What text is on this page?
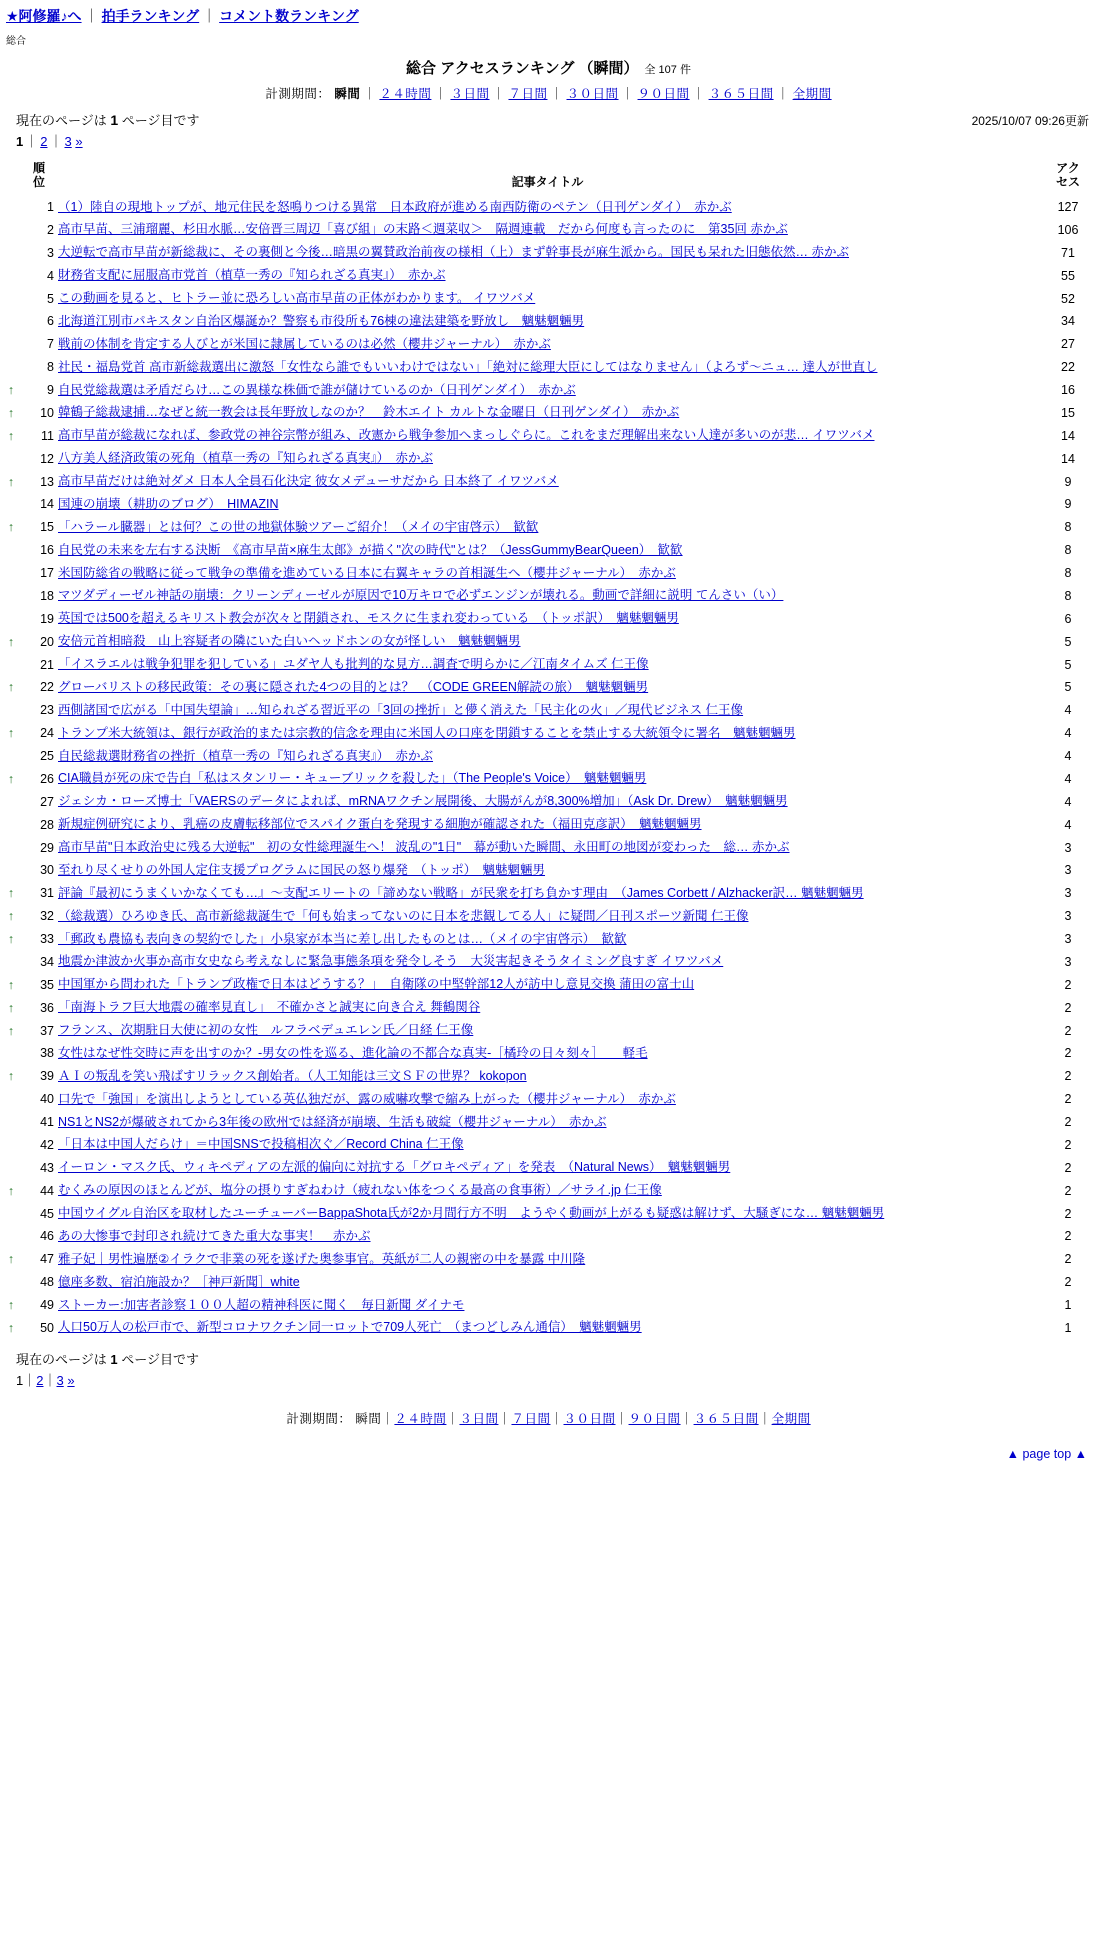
★阿修羅♪へ ｜ 拍手ランキング ｜ コメント数ランキング
総合
総合 アクセスランキング （瞬間） 全 107 件
計測期間： 瞬間 ｜ ２４時間 ｜ ３日間 ｜ ７日間 ｜ ３０日間 ｜ ９０日間 ｜ ３６５日間 ｜ 全期間
現在のページは 1 ページ目です	2025/10/07 09:26更新
1 ｜ 2 ｜ 3 »
	順
位	記事タイトル	アク
セス
	1	（1）陸自の現地トップが、地元住民を怒鳴りつける異常　日本政府が進める南西防衛のペテン（日刊ゲンダイ）　赤かぶ	127
	2	高市早苗、三浦瑠麗、杉田水脈…安倍晋三周辺「喜び組」の末路＜週菜収＞　隔週連載　だから何度も言ったのに　第35回 赤かぶ	106
	3	大逆転で高市早苗が新総裁に、その裏側と今後…暗黒の翼賛政治前夜の様相（上）まず幹事長が麻生派から。国民も呆れた旧態依然… 赤かぶ	71
	4	財務省支配に屈服高市党首（植草一秀の『知られざる真実』）　赤かぶ	55
	5	この動画を見ると、ヒトラー並に恐ろしい高市早苗の正体がわかります。 イワツバメ	52
	6	北海道江別市パキスタン自治区爆誕か？警察も市役所も76棟の違法建築を野放し　魑魅魍魎男	34
	7	戦前の体制を肯定する人びとが米国に隷属しているのは必然（櫻井ジャーナル）　赤かぶ	27
	8	社民・福島党首 高市新総裁選出に激怒「女性なら誰でもいいわけではない」「絶対に総理大臣にしてはなりません」（よろず～ニュ… 達人が世直し	22
↑	9	自民党総裁選は矛盾だらけ…この異様な株価で誰が儲けているのか（日刊ゲンダイ）　赤かぶ	16
↑	10	韓鶴子総裁逮捕…なぜと統一教会は長年野放しなのか？　鈴木エイト カルトな金曜日（日刊ゲンダイ）　赤かぶ	15
↑	11	高市早苗が総裁になれば、参政党の神谷宗幣が組み、改憲から戦争参加へまっしぐらに。これをまだ理解出来ない人達が多いのが悲… イワツバメ	14
	12	八方美人経済政策の死角（植草一秀の『知られざる真実』）　赤かぶ	14
↑	13	高市早苗だけは絶対ダメ 日本人全員石化決定 彼女メデューサだから 日本終了 イワツバメ	9
	14	国連の崩壊（耕助のブログ）　HIMAZIN	9
↑	15	「ハラール臓器」とは何？この世の地獄体験ツアーご紹介！（メイの宇宙啓示）　歓歓	8
	16	自民党の未来を左右する決断　《高市早苗×麻生太郎》が描く"次の時代"とは？（JessGummyBearQueen）　歓歓	8
	17	米国防総省の戦略に従って戦争の準備を進めている日本に右翼キャラの首相誕生へ（櫻井ジャーナル）　赤かぶ	8
	18	マツダディーゼル神話の崩壊：クリーンディーゼルが原因で10万キロで必ずエンジンが壊れる。動画で詳細に説明 てんさい（い）	8
	19	英国では500を超えるキリスト教会が次々と閉鎖され、モスクに生まれ変わっている　（トッポ訳）　魑魅魍魎男	6
↑	20	安倍元首相暗殺　山上容疑者の隣にいた白いヘッドホンの女が怪しい　魑魅魍魎男	5
	21	「イスラエルは戦争犯罪を犯している」ユダヤ人も批判的な見方…調査で明らかに／江南タイムズ 仁王像	5
↑	22	グローバリストの移民政策：その裏に隠された4つの目的とは？　（CODE GREEN解読の旅）　魑魅魍魎男	5
	23	西側諸国で広がる「中国失望論」…知られざる習近平の「3回の挫折」と儚く消えた「民主化の火」／現代ビジネス 仁王像	4
↑	24	トランプ米大統領は、銀行が政治的または宗教的信念を理由に米国人の口座を閉鎖することを禁止する大統領令に署名　魑魅魍魎男	4
	25	自民総裁選財務省の挫折（植草一秀の『知られざる真実』）　赤かぶ	4
↑	26	CIA職員が死の床で告白「私はスタンリー・キューブリックを殺した」（The People's Voice）　魑魅魍魎男	4
	27	ジェシカ・ローズ博士「VAERSのデータによれば、mRNAワクチン展開後、大腸がんが8,300%増加」（Ask Dr. Drew）　魑魅魍魎男	4
	28	新規症例研究により、乳癌の皮膚転移部位でスパイク蛋白を発現する細胞が確認された（福田克彦訳）　魑魅魍魎男	4
	29	高市早苗"日本政治史に残る大逆転"　初の女性総理誕生へ！ 波乱の"1日"　幕が動いた瞬間、永田町の地図が変わった　総… 赤かぶ	3
	30	至れり尽くせりの外国人定住支援プログラムに国民の怒り爆発　（トッポ）　魑魅魍魎男	3
↑	31	評論『最初にうまくいかなくても…』～支配エリートの「諦めない戦略」が民衆を打ち負かす理由　（James Corbett / Alzhacker訳… 魑魅魍魎男	3
↑	32	（総裁選）ひろゆき氏、高市新総裁誕生で「何も始まってないのに日本を悲観してる人」に疑問／日刊スポーツ新聞 仁王像	3
↑	33	「郵政も農協も表向きの契約でした」小泉家が本当に差し出したものとは…（メイの宇宙啓示）　歓歓	3
	34	地震か津波か火事か高市女史なら考えなしに緊急事態条項を発令しそう　大災害起きそうタイミング良すぎ イワツバメ	3
↑	35	中国軍から問われた「トランプ政権で日本はどうする？」　自衛隊の中堅幹部12人が訪中し意見交換 蒲田の富士山	2
↑	36	「南海トラフ巨大地震の確率見直し」　不確かさと誠実に向き合え 舞鶴関谷	2
↑	37	フランス、次期駐日大使に初の女性　ルフラベデュエレン氏／日経 仁王像	2
	38	女性はなぜ性交時に声を出すのか？-男女の性を巡る、進化論の不都合な真実-［橘玲の日々刻々］　　軽毛	2
↑	39	ＡＩの叛乱を笑い飛ばすリラックス創始者。（人工知能は三文ＳＦの世界？ kokopon	2
	40	口先で「強国」を演出しようとしている英仏独だが、露の威嚇攻撃で縮み上がった（櫻井ジャーナル）　赤かぶ	2
	41	NS1とNS2が爆破されてから3年後の欧州では経済が崩壊、生活も破綻（櫻井ジャーナル）　赤かぶ	2
	42	「日本は中国人だらけ」＝中国SNSで投稿相次ぐ／Record China 仁王像	2
	43	イーロン・マスク氏、ウィキペディアの左派的偏向に対抗する「グロキペディア」を発表　（Natural News）　魑魅魍魎男	2
↑	44	むくみの原因のほとんどが、塩分の摂りすぎねわけ（疲れない体をつくる最高の食事術）／サライ.jp 仁王像	2
	45	中国ウイグル自治区を取材したユーチューバーBappaShota氏が2か月間行方不明　ようやく動画が上がるも疑惑は解けず、大騒ぎにな… 魑魅魍魎男	2
	46	あの大惨事で封印され続けてきた重大な事実！　赤かぶ	2
↑	47	雅子妃｜男性遍歴②イラクで非業の死を遂げた奥参事官。英紙が二人の親密の中を暴露 中川隆	2
	48	億座多数、宿泊施設か？［神戸新聞］white	2
↑	49	ストーカー:加害者診察１００人超の精神科医に聞く　毎日新聞 ダイナモ	1
↑	50	人口50万人の松戸市で、新型コロナワクチン同一ロットで709人死亡　（まつどしみん通信）　魑魅魍魎男	1
現在のページは 1 ページ目です
1｜2｜3 »
計測期間： 瞬間｜２４時間｜３日間｜７日間｜３０日間｜９０日間｜３６５日間｜全期間
▲ page top ▲
